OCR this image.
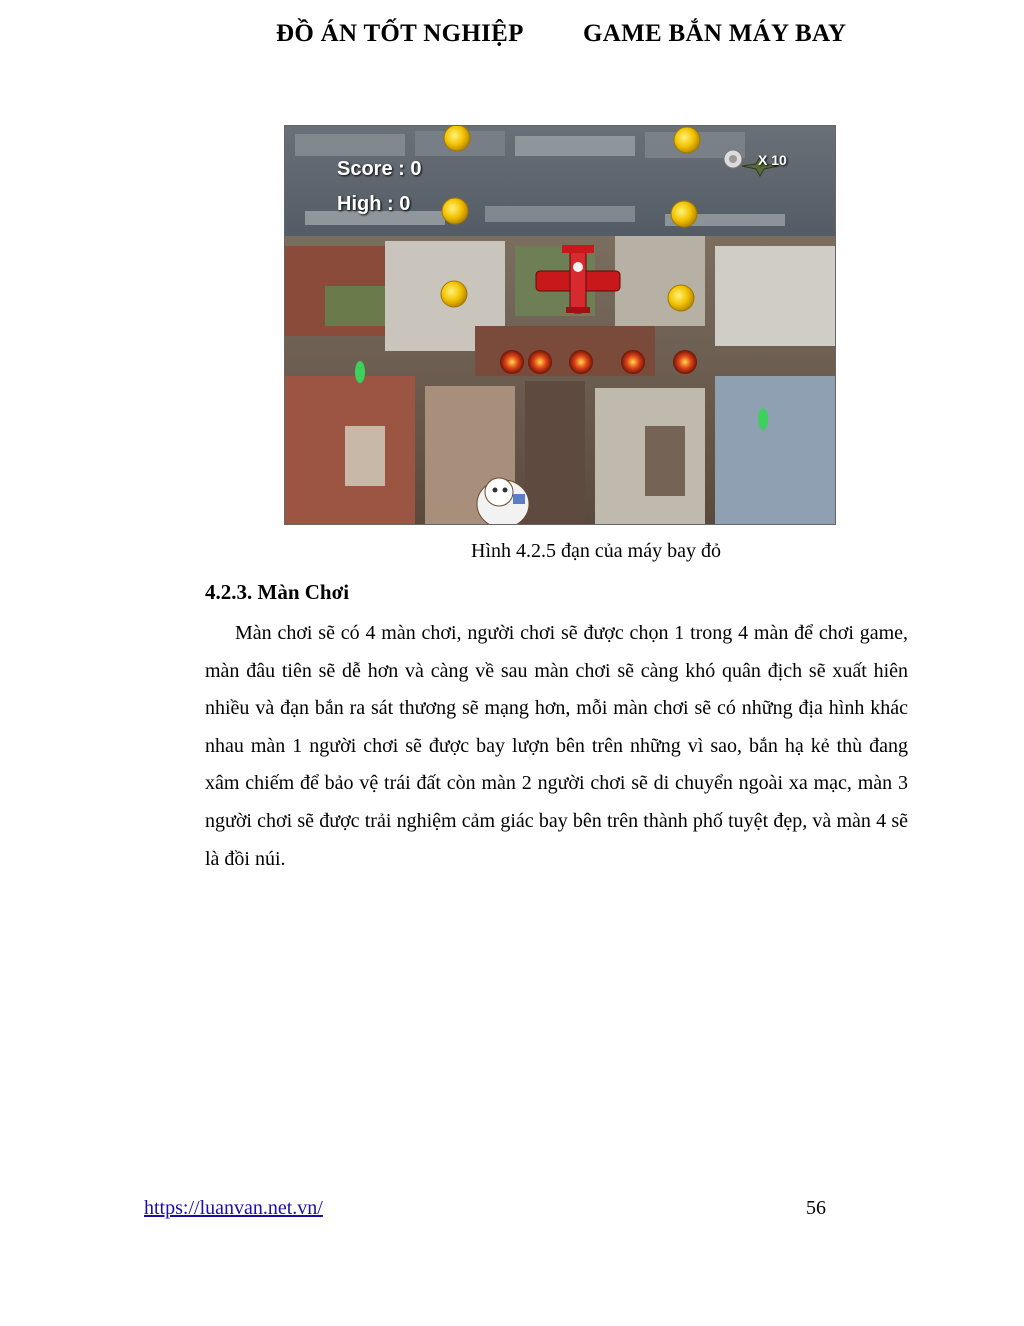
ĐỒ ÁN TỐT NGHIỆP GAME BẮN MÁY BAY
Score : 0
High : 0
X 10
Hình 4.2.5 đạn của máy bay đỏ
4.2.3. Màn Chơi

Màn chơi sẽ có 4 màn chơi, người chơi sẽ được chọn 1 trong 4 màn để chơi game, màn đâu tiên sẽ dễ hơn và càng về sau màn chơi sẽ càng khó quân địch sẽ xuất hiên nhiều và đạn bắn ra sát thương sẽ mạng hơn, mỗi màn chơi sẽ có những địa hình khác nhau màn 1 người chơi sẽ được bay lượn bên trên những vì sao, bắn hạ kẻ thù đang xâm chiếm để bảo vệ trái đất còn màn 2 người chơi sẽ di chuyển ngoài xa mạc, màn 3 người chơi sẽ được trải nghiệm cảm giác bay bên trên thành phố tuyệt đẹp, và màn 4 sẽ là đồi núi.

https://luanvan.net.vn/	56
